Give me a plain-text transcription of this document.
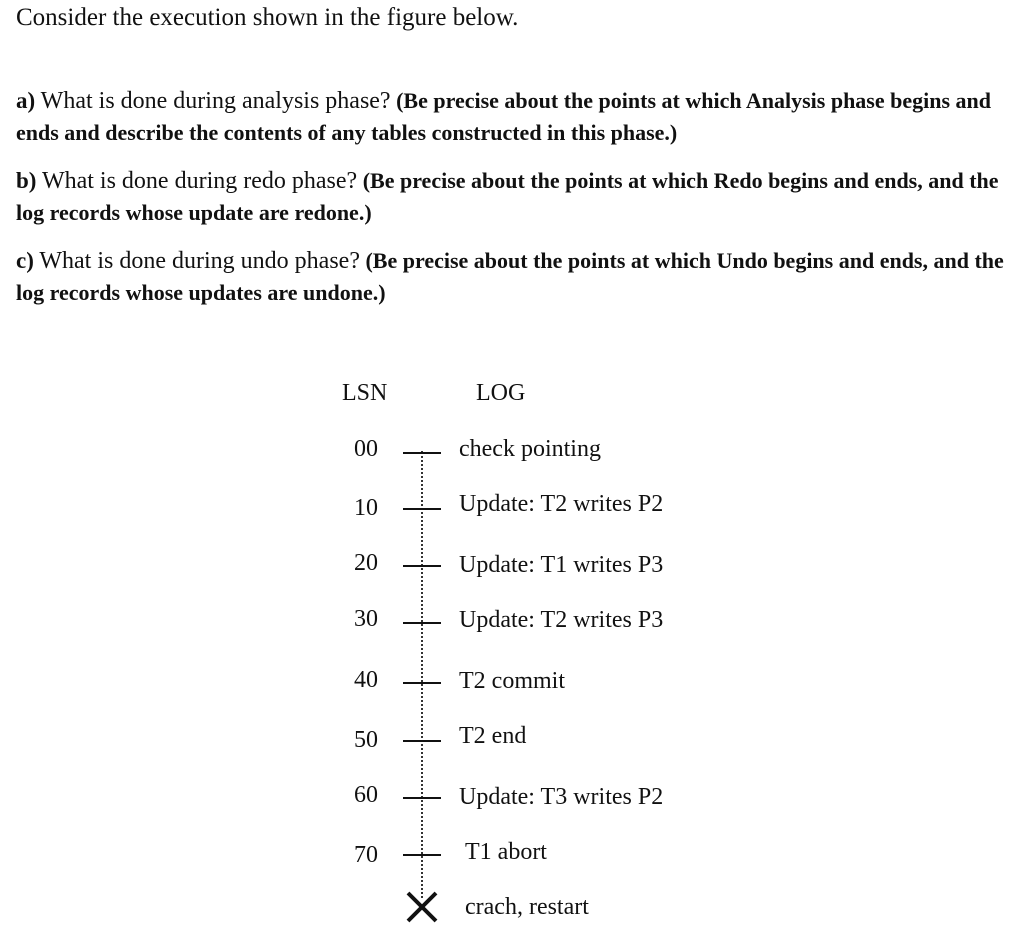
Consider the execution shown in the figure below.
a) What is done during analysis phase? (Be precise about the points at which Analysis phase begins and ends and describe the contents of any tables constructed in this phase.)
b) What is done during redo phase? (Be precise about the points at which Redo begins and ends, and the log records whose update are redone.)
c) What is done during undo phase? (Be precise about the points at which Undo begins and ends, and the log records whose updates are undone.)
LSN	LOG
00	check pointing
10	Update: T2 writes P2
20	Update: T1 writes P3
30	Update: T2 writes P3
40	T2 commit
50	T2 end
60	Update: T3 writes P2
70	T1 abort
crach, restart
